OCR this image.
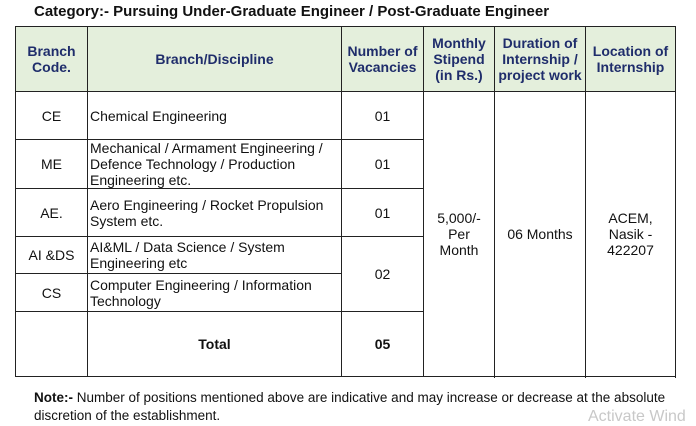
Category:- Pursuing Under-Graduate Engineer / Post-Graduate Engineer
Branch Code.	Branch/Discipline	Number of Vacancies	Monthly Stipend (in Rs.)	Duration of Internship / project work	Location of Internship
CE	Chemical Engineering	01	5,000/- Per Month	06 Months	ACEM, Nasik - 422207
ME	Mechanical / Armament Engineering / Defence Technology / Production Engineering etc.	01			
AE.	Aero Engineering / Rocket Propulsion System etc.	01			
AI &DS	AI&ML / Data Science / System Engineering etc	02			
CS	Computer Engineering / Information Technology				
	Total	05			

Note:- Number of positions mentioned above are indicative and may increase or decrease at the absolute discretion of the establishment.	Activate Wind
